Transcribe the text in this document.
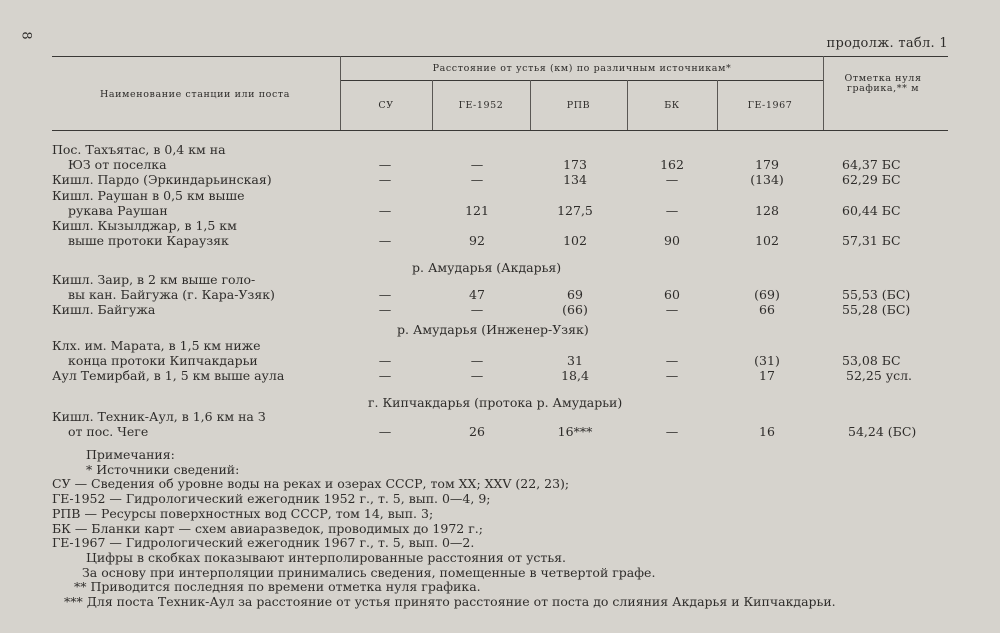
8
продолж. табл. 1
Наименование станции или поста
Расстояние от устья (км) по различным источникам*
СУ	ГЕ-1952	РПВ	БК	ГЕ-1967
Отметка нуля графика,** м
Пос. Тахъятас, в 0,4 км на
ЮЗ от поселка	—	—	173	162	179	64,37 БС
Кишл. Пардо (Эркиндарьинская)	—	—	134	—	(134)	62,29 БС
Кишл. Раушан в 0,5 км выше
рукава Раушан	—	121	127,5	—	128	60,44 БС
Кишл. Кызылджар, в 1,5 км
выше протоки Караузяк	—	92	102	90	102	57,31 БС
р. Амударья (Акдарья)
Кишл. Заир, в 2 км выше голо-
вы кан. Байгужа (г. Кара-Узяк)	—	47	69	60	(69)	55,53 (БС)
Кишл. Байгужа	—	—	(66)	—	66	55,28 (БС)
р. Амударья (Инженер-Узяк)
Клх. им. Марата, в 1,5 км ниже
конца протоки Кипчакдарьи	—	—	31	—	(31)	53,08 БС
Аул Темирбай, в 1, 5 км выше аула	—	—	18,4	—	17	52,25 усл.
г. Кипчакдарья (протока р. Амударьи)
Кишл. Техник-Аул, в 1,6 км на З
от пос. Чеге	—	26	16***	—	16	54,24 (БС)
Примечания:
* Источники сведений:
СУ — Сведения об уровне воды на реках и озерах СССР, том XX; XXV (22, 23);
ГЕ-1952 — Гидрологический ежегодник 1952 г., т. 5, вып. 0—4, 9;
РПВ — Ресурсы поверхностных вод СССР, том 14, вып. 3;
БК — Бланки карт — схем авиаразведок, проводимых до 1972 г.;
ГЕ-1967 — Гидрологический ежегодник 1967 г., т. 5, вып. 0—2.
Цифры в скобках показывают интерполированные расстояния от устья.
За основу при интерполяции принимались сведения, помещенные в четвертой графе.
** Приводится последняя по времени отметка нуля графика.
*** Для поста Техник-Аул за расстояние от устья принято расстояние от поста до слияния Акдарья и Кипчакдарьи.
